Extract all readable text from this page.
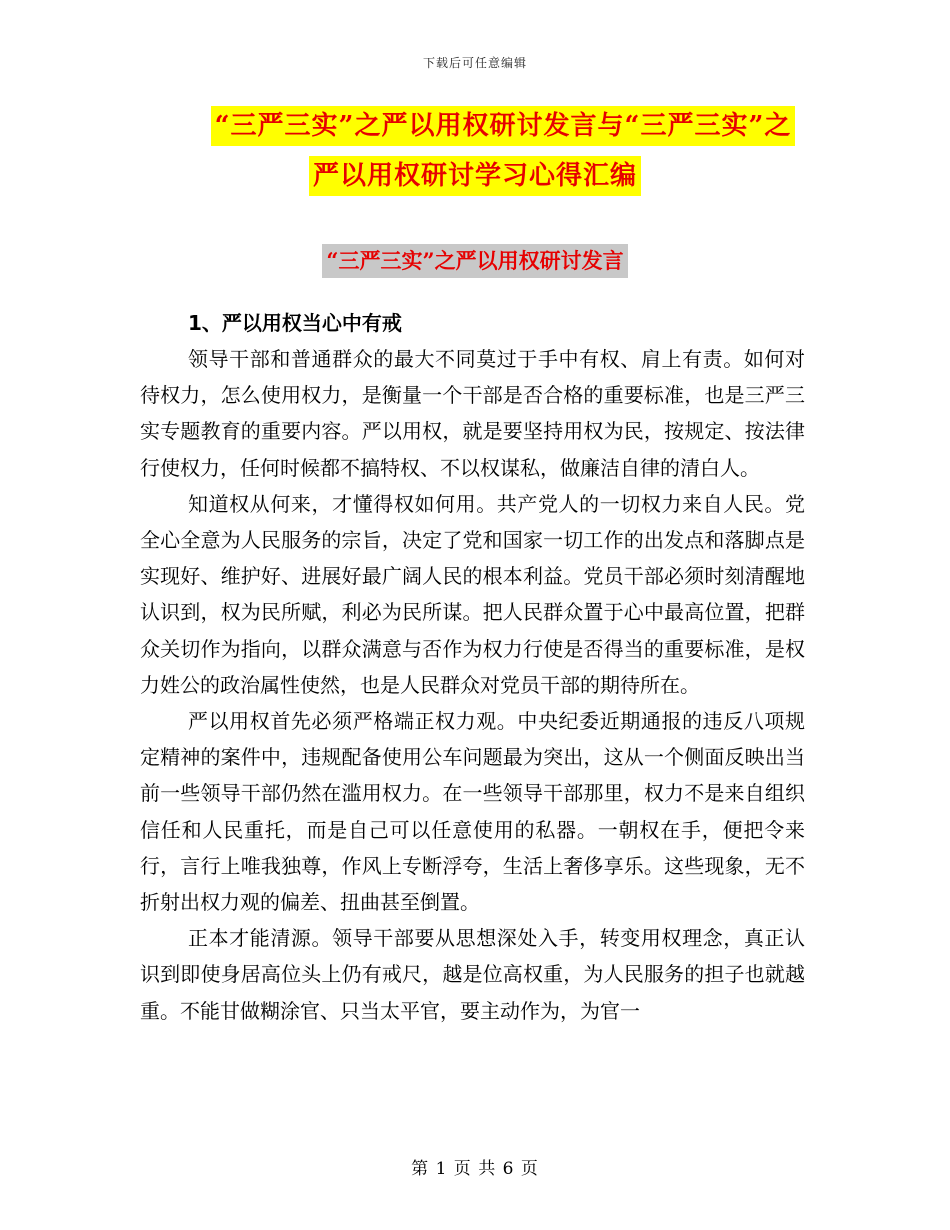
下载后可任意编辑
“三严三实”之严以用权研讨发言与“三严三实”之
严以用权研讨学习心得汇编
“三严三实”之严以用权研讨发言

1、严以用权当心中有戒

领导干部和普通群众的最大不同莫过于手中有权、肩上有责。如何对待权力，怎么使用权力，是衡量一个干部是否合格的重要标准，也是三严三实专题教育的重要内容。严以用权，就是要坚持用权为民，按规定、按法律行使权力，任何时候都不搞特权、不以权谋私，做廉洁自律的清白人。

知道权从何来，才懂得权如何用。共产党人的一切权力来自人民。党全心全意为人民服务的宗旨，决定了党和国家一切工作的出发点和落脚点是实现好、维护好、进展好最广阔人民的根本利益。党员干部必须时刻清醒地认识到，权为民所赋，利必为民所谋。把人民群众置于心中最高位置，把群众关切作为指向，以群众满意与否作为权力行使是否得当的重要标准，是权力姓公的政治属性使然，也是人民群众对党员干部的期待所在。

严以用权首先必须严格端正权力观。中央纪委近期通报的违反八项规定精神的案件中，违规配备使用公车问题最为突出，这从一个侧面反映出当前一些领导干部仍然在滥用权力。在一些领导干部那里，权力不是来自组织信任和人民重托，而是自己可以任意使用的私器。一朝权在手，便把令来行，言行上唯我独尊，作风上专断浮夸，生活上奢侈享乐。这些现象，无不折射出权力观的偏差、扭曲甚至倒置。

正本才能清源。领导干部要从思想深处入手，转变用权理念，真正认识到即使身居高位头上仍有戒尺，越是位高权重，为人民服务的担子也就越重。不能甘做糊涂官、只当太平官，要主动作为，为官一

第 1 页 共 6 页
